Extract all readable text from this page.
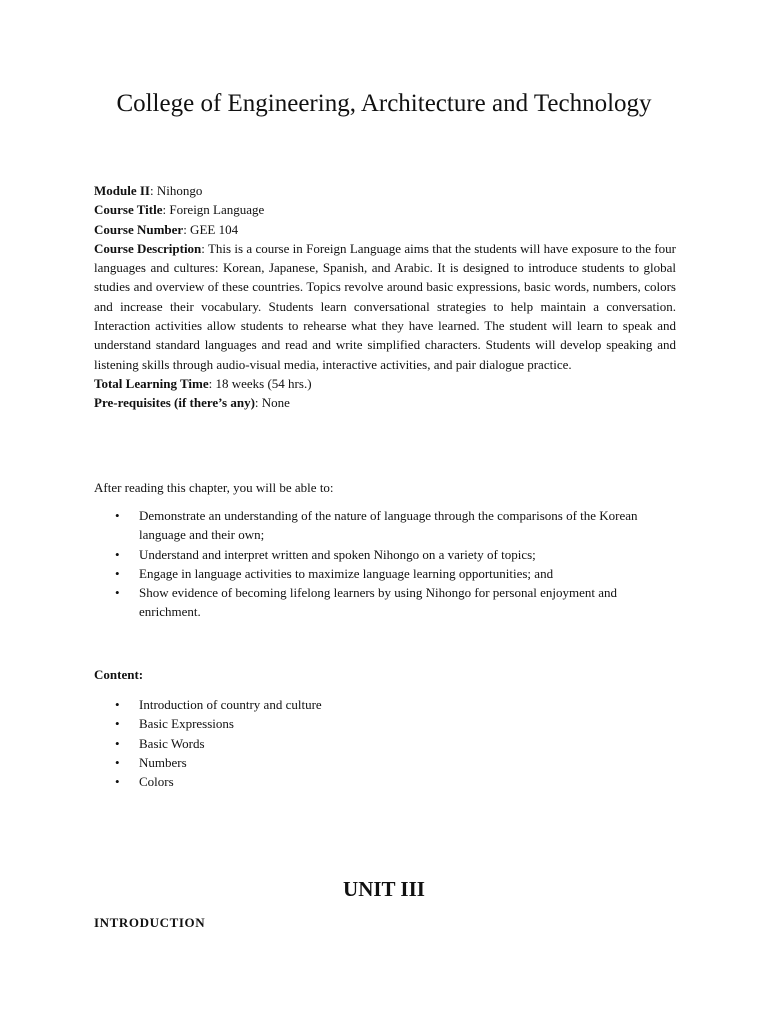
College of Engineering, Architecture and Technology

Module II: Nihongo

Course Title: Foreign Language

Course Number: GEE 104

Course Description: This is a course in Foreign Language aims that the students will have exposure to the four languages and cultures: Korean, Japanese, Spanish, and Arabic. It is designed to introduce students to global studies and overview of these countries. Topics revolve around basic expressions, basic words, numbers, colors and increase their vocabulary. Students learn conversational strategies to help maintain a conversation. Interaction activities allow students to rehearse what they have learned. The student will learn to speak and understand standard languages and read and write simplified characters. Students will develop speaking and listening skills through audio-visual media, interactive activities, and pair dialogue practice.

Total Learning Time: 18 weeks (54 hrs.)

Pre-requisites (if there’s any): None

After reading this chapter, you will be able to:

• Demonstrate an understanding of the nature of language through the comparisons of the Korean language and their own;
• Understand and interpret written and spoken Nihongo on a variety of topics;
• Engage in language activities to maximize language learning opportunities; and
• Show evidence of becoming lifelong learners by using Nihongo for personal enjoyment and enrichment.

Content:

• Introduction of country and culture
• Basic Expressions
• Basic Words
• Numbers
• Colors
UNIT III

INTRODUCTION
